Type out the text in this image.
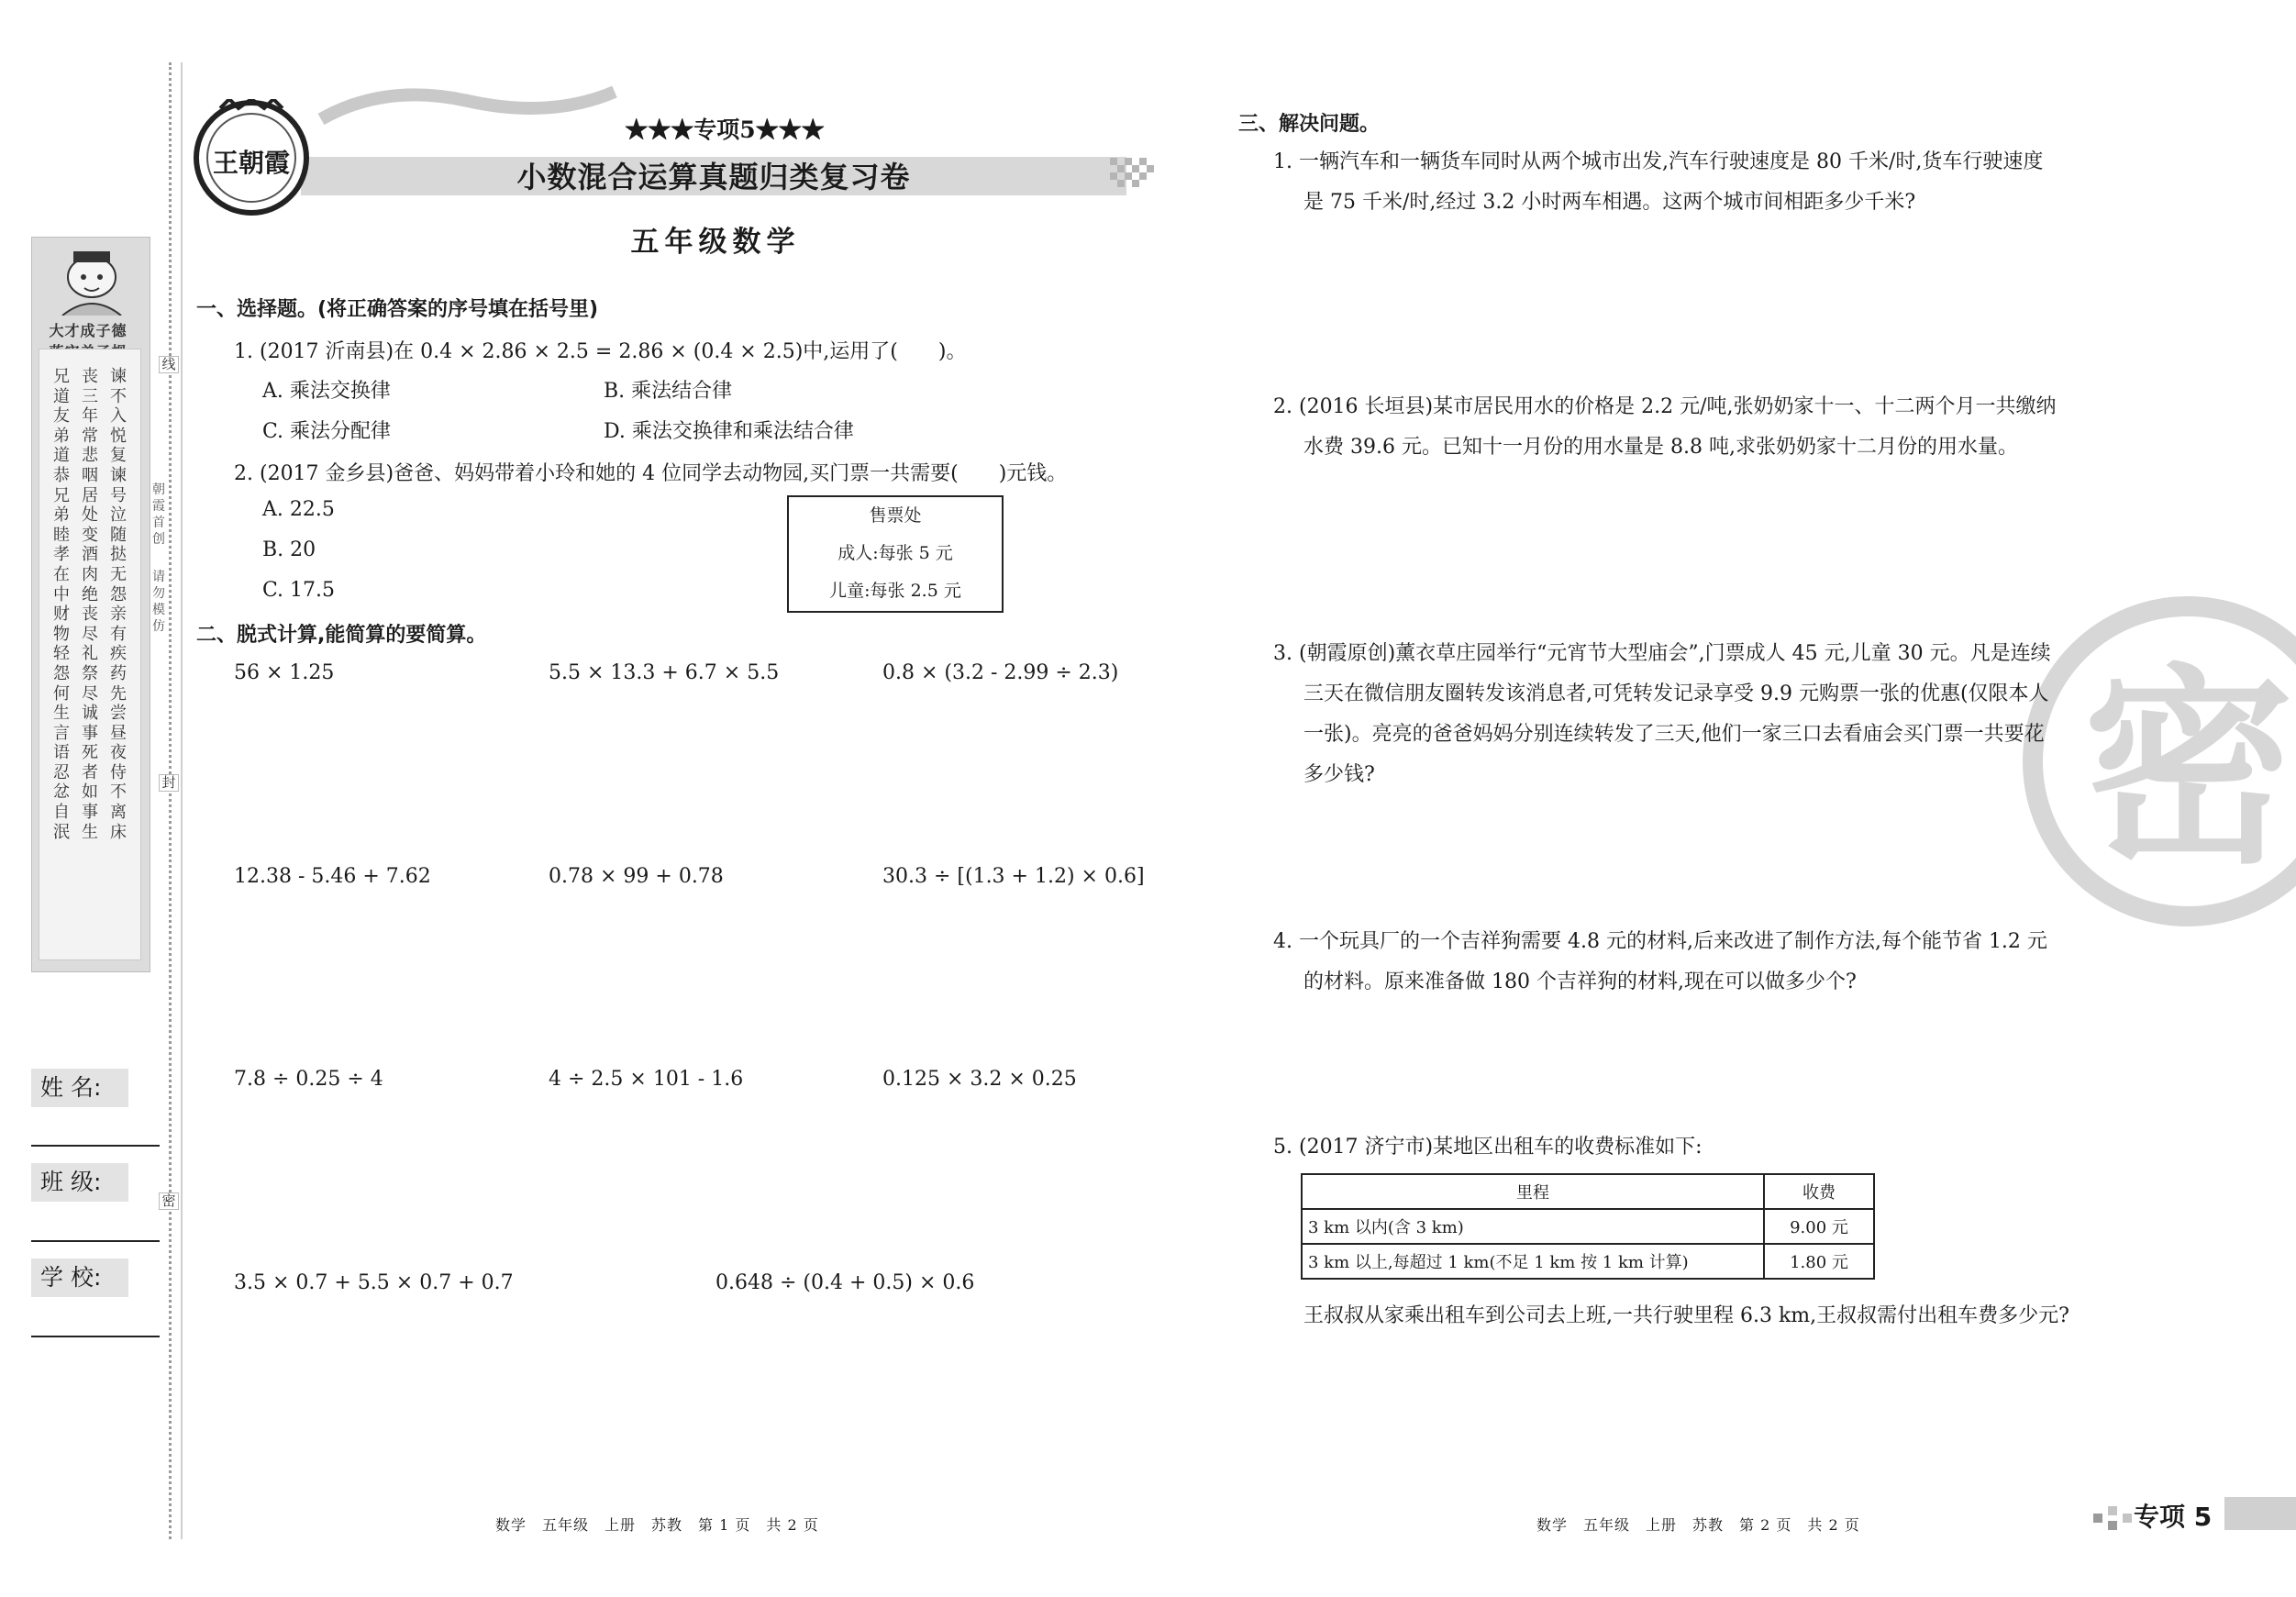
大才成子德
兄道友弟道恭兄弟睦孝在中财物轻怨何生言语忍忿自泯
丧三年常悲咽居处变酒肉绝丧尽礼祭尽诚事死者如事生
谏不入悦复谏号泣随挞无怨亲有疾药先尝昼夜侍不离床
线
封
密
朝霞首创
请勿模仿
姓 名:
班 级:
学 校:
王朝霞
★★★专项5★★★
小数混合运算真题归类复习卷
五年级数学
一、选择题。(将正确答案的序号填在括号里)
1. (2017 沂南县)在 0.4 × 2.86 × 2.5 = 2.86 × (0.4 × 2.5)中,运用了(　　)。
A. 乘法交换律	B. 乘法结合律
C. 乘法分配律	D. 乘法交换律和乘法结合律
2. (2017 金乡县)爸爸、妈妈带着小玲和她的 4 位同学去动物园,买门票一共需要(　　)元钱。
A. 22.5
B. 20
C. 17.5
售票处
成人:每张 5 元
儿童:每张 2.5 元
二、脱式计算,能简算的要简算。
56 × 1.25	5.5 × 13.3 + 6.7 × 5.5	0.8 × (3.2 - 2.99 ÷ 2.3)
12.38 - 5.46 + 7.62	0.78 × 99 + 0.78	30.3 ÷ [(1.3 + 1.2) × 0.6]
7.8 ÷ 0.25 ÷ 4	4 ÷ 2.5 × 101 - 1.6	0.125 × 3.2 × 0.25
3.5 × 0.7 + 5.5 × 0.7 + 0.7	0.648 ÷ (0.4 + 0.5) × 0.6
数学　五年级　上册　苏教　第 1 页　共 2 页
密
三、解决问题。
1. 一辆汽车和一辆货车同时从两个城市出发,汽车行驶速度是 80 千米/时,货车行驶速度
是 75 千米/时,经过 3.2 小时两车相遇。这两个城市间相距多少千米?
2. (2016 长垣县)某市居民用水的价格是 2.2 元/吨,张奶奶家十一、十二两个月一共缴纳
水费 39.6 元。已知十一月份的用水量是 8.8 吨,求张奶奶家十二月份的用水量。
3. (朝霞原创)薰衣草庄园举行“元宵节大型庙会”,门票成人 45 元,儿童 30 元。凡是连续
三天在微信朋友圈转发该消息者,可凭转发记录享受 9.9 元购票一张的优惠(仅限本人
一张)。亮亮的爸爸妈妈分别连续转发了三天,他们一家三口去看庙会买门票一共要花
多少钱?
4. 一个玩具厂的一个吉祥狗需要 4.8 元的材料,后来改进了制作方法,每个能节省 1.2 元
的材料。原来准备做 180 个吉祥狗的材料,现在可以做多少个?
5. (2017 济宁市)某地区出租车的收费标准如下:
里程	收费
3 km 以内(含 3 km)	9.00 元
3 km 以上,每超过 1 km(不足 1 km 按 1 km 计算)	1.80 元
王叔叔从家乘出租车到公司去上班,一共行驶里程 6.3 km,王叔叔需付出租车费多少元?
数学　五年级　上册　苏教　第 2 页　共 2 页	专项 5
